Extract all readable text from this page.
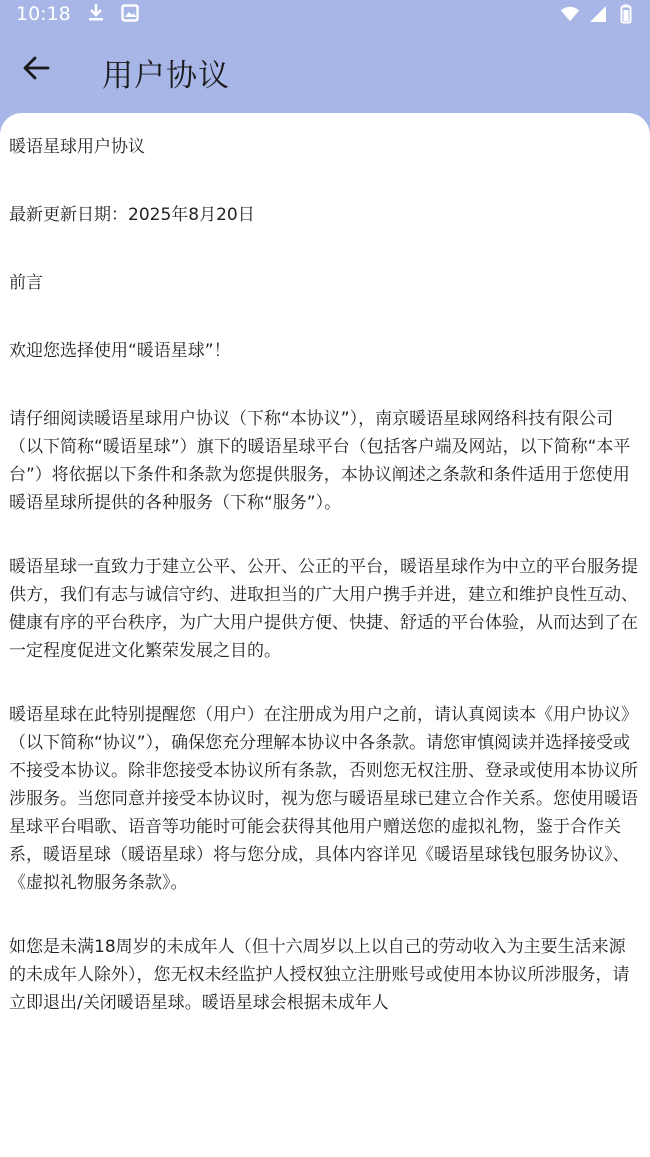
10:18
用户协议

暖语星球用户协议

最新更新日期：2025年8月20日

前言

欢迎您选择使用“暖语星球”！

请仔细阅读暖语星球用户协议（下称“本协议”），南京暖语星球网络科技有限公司（以下简称“暖语星球”）旗下的暖语星球平台（包括客户端及网站，以下简称“本平台”）将依据以下条件和条款为您提供服务，本协议阐述之条款和条件适用于您使用暖语星球所提供的各种服务（下称“服务”）。

暖语星球一直致力于建立公平、公开、公正的平台，暖语星球作为中立的平台服务提供方，我们有志与诚信守约、进取担当的广大用户携手并进，建立和维护良性互动、健康有序的平台秩序，为广大用户提供方便、快捷、舒适的平台体验，从而达到了在一定程度促进文化繁荣发展之目的。

暖语星球在此特别提醒您（用户）在注册成为用户之前，请认真阅读本《用户协议》（以下简称“协议”），确保您充分理解本协议中各条款。请您审慎阅读并选择接受或不接受本协议。除非您接受本协议所有条款，否则您无权注册、登录或使用本协议所涉服务。当您同意并接受本协议时，视为您与暖语星球已建立合作关系。您使用暖语星球平台唱歌、语音等功能时可能会获得其他用户赠送您的虚拟礼物，鉴于合作关系，暖语星球（暖语星球）将与您分成，具体内容详见《暖语星球钱包服务协议》、《虚拟礼物服务条款》。

如您是未满18周岁的未成年人（但十六周岁以上以自己的劳动收入为主要生活来源的未成年人除外），您无权未经监护人授权独立注册账号或使用本协议所涉服务，请立即退出/关闭暖语星球。暖语星球会根据未成年人
